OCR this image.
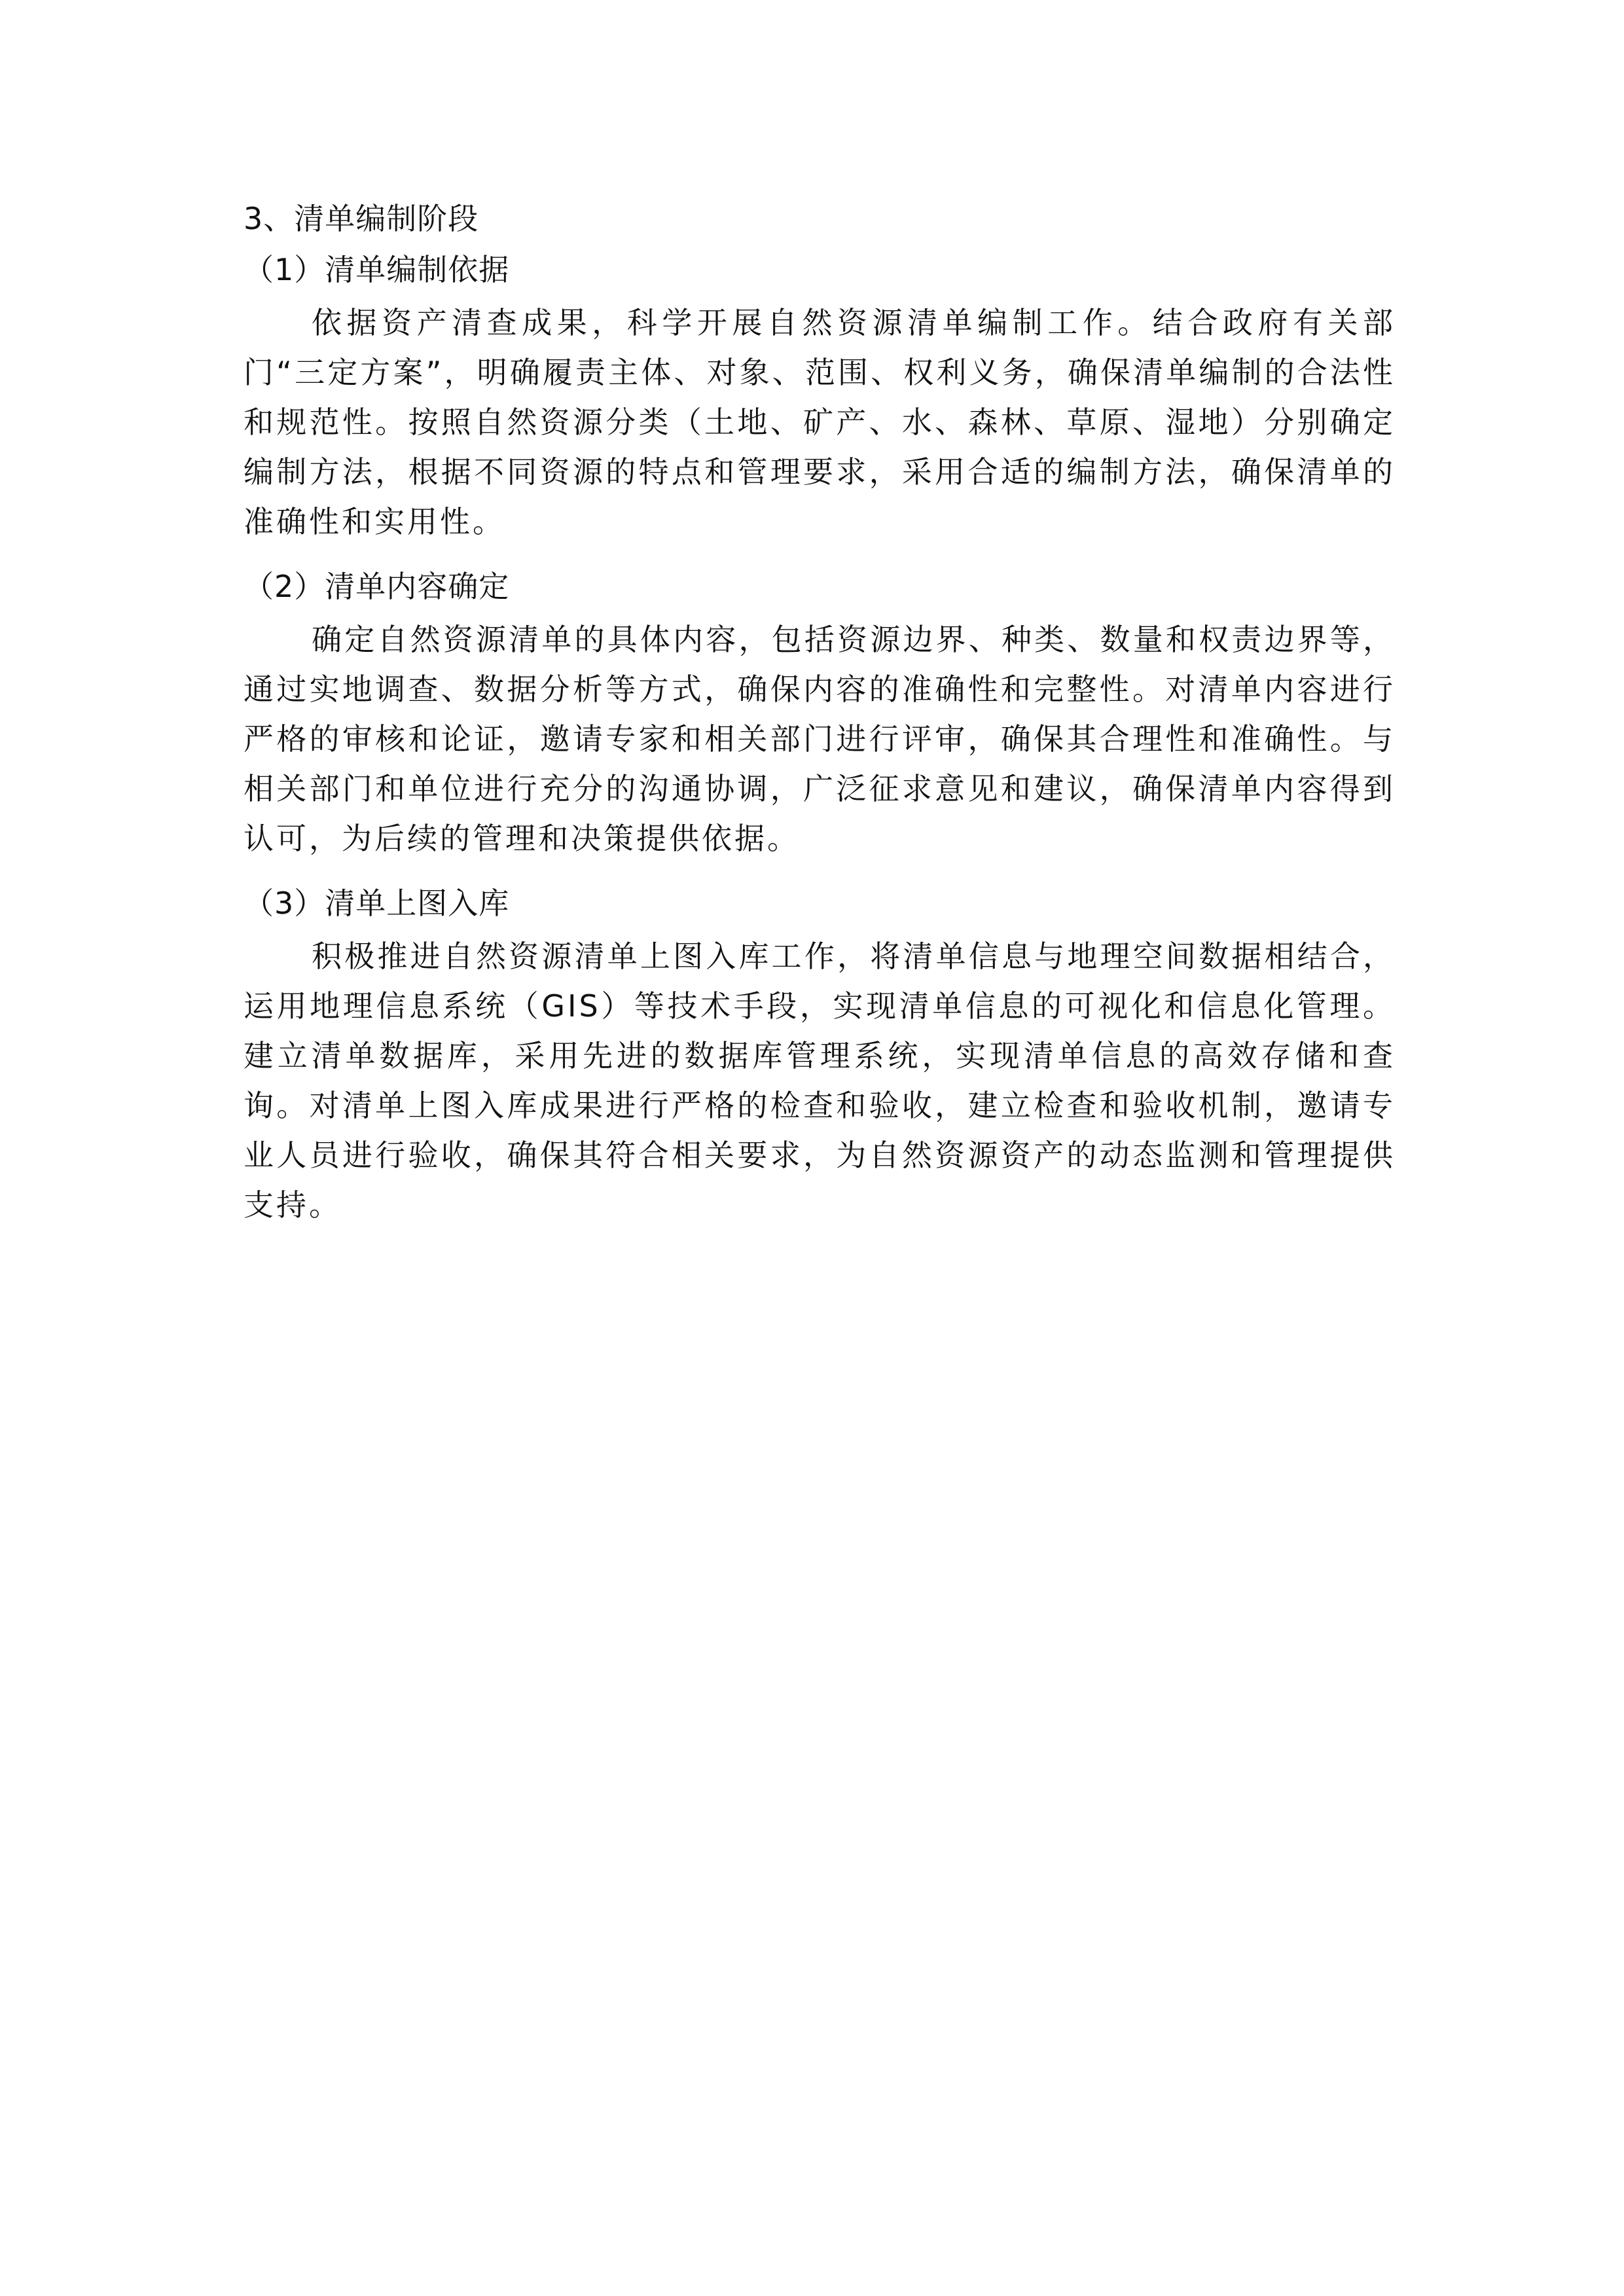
3、清单编制阶段

（1）清单编制依据

依据资产清查成果，科学开展自然资源清单编制工作。结合政府有关部门“三定方案”，明确履责主体、对象、范围、权利义务，确保清单编制的合法性和规范性。按照自然资源分类（土地、矿产、水、森林、草原、湿地）分别确定编制方法，根据不同资源的特点和管理要求，采用合适的编制方法，确保清单的准确性和实用性。

（2）清单内容确定

确定自然资源清单的具体内容，包括资源边界、种类、数量和权责边界等，通过实地调查、数据分析等方式，确保内容的准确性和完整性。对清单内容进行严格的审核和论证，邀请专家和相关部门进行评审，确保其合理性和准确性。与相关部门和单位进行充分的沟通协调，广泛征求意见和建议，确保清单内容得到认可，为后续的管理和决策提供依据。

（3）清单上图入库

积极推进自然资源清单上图入库工作，将清单信息与地理空间数据相结合，运用地理信息系统（GIS）等技术手段，实现清单信息的可视化和信息化管理。建立清单数据库，采用先进的数据库管理系统，实现清单信息的高效存储和查询。对清单上图入库成果进行严格的检查和验收，建立检查和验收机制，邀请专业人员进行验收，确保其符合相关要求，为自然资源资产的动态监测和管理提供支持。
